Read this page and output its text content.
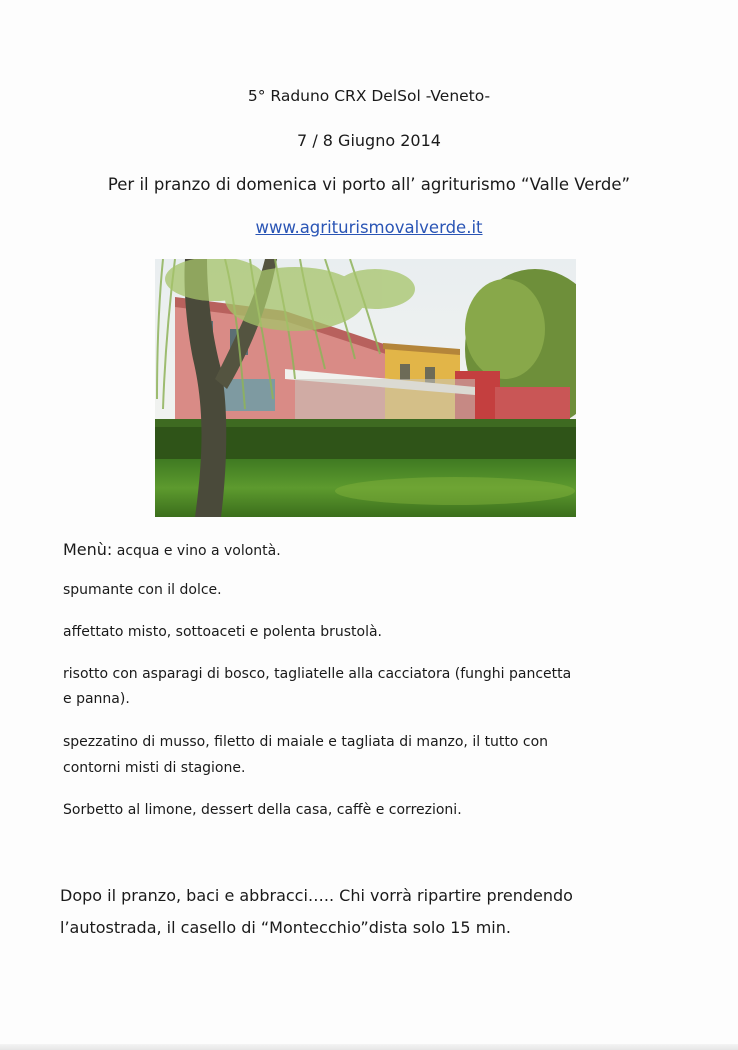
5° Raduno CRX DelSol -Veneto-
7 / 8 Giugno 2014
Per il pranzo di domenica vi porto all’ agriturismo “Valle Verde”
www.agriturismovalverde.it
Menù: acqua e vino a volontà.
spumante con il dolce.
affettato misto, sottoaceti e polenta brustolà.
risotto con asparagi di bosco, tagliatelle alla cacciatora (funghi pancetta
e panna).
spezzatino di musso, filetto di maiale e tagliata di manzo, il tutto con
contorni misti di stagione.
Sorbetto al limone, dessert della casa, caffè e correzioni.
Dopo il pranzo, baci e abbracci….. Chi vorrà ripartire prendendo
l’autostrada, il casello di “Montecchio”dista solo 15 min.
